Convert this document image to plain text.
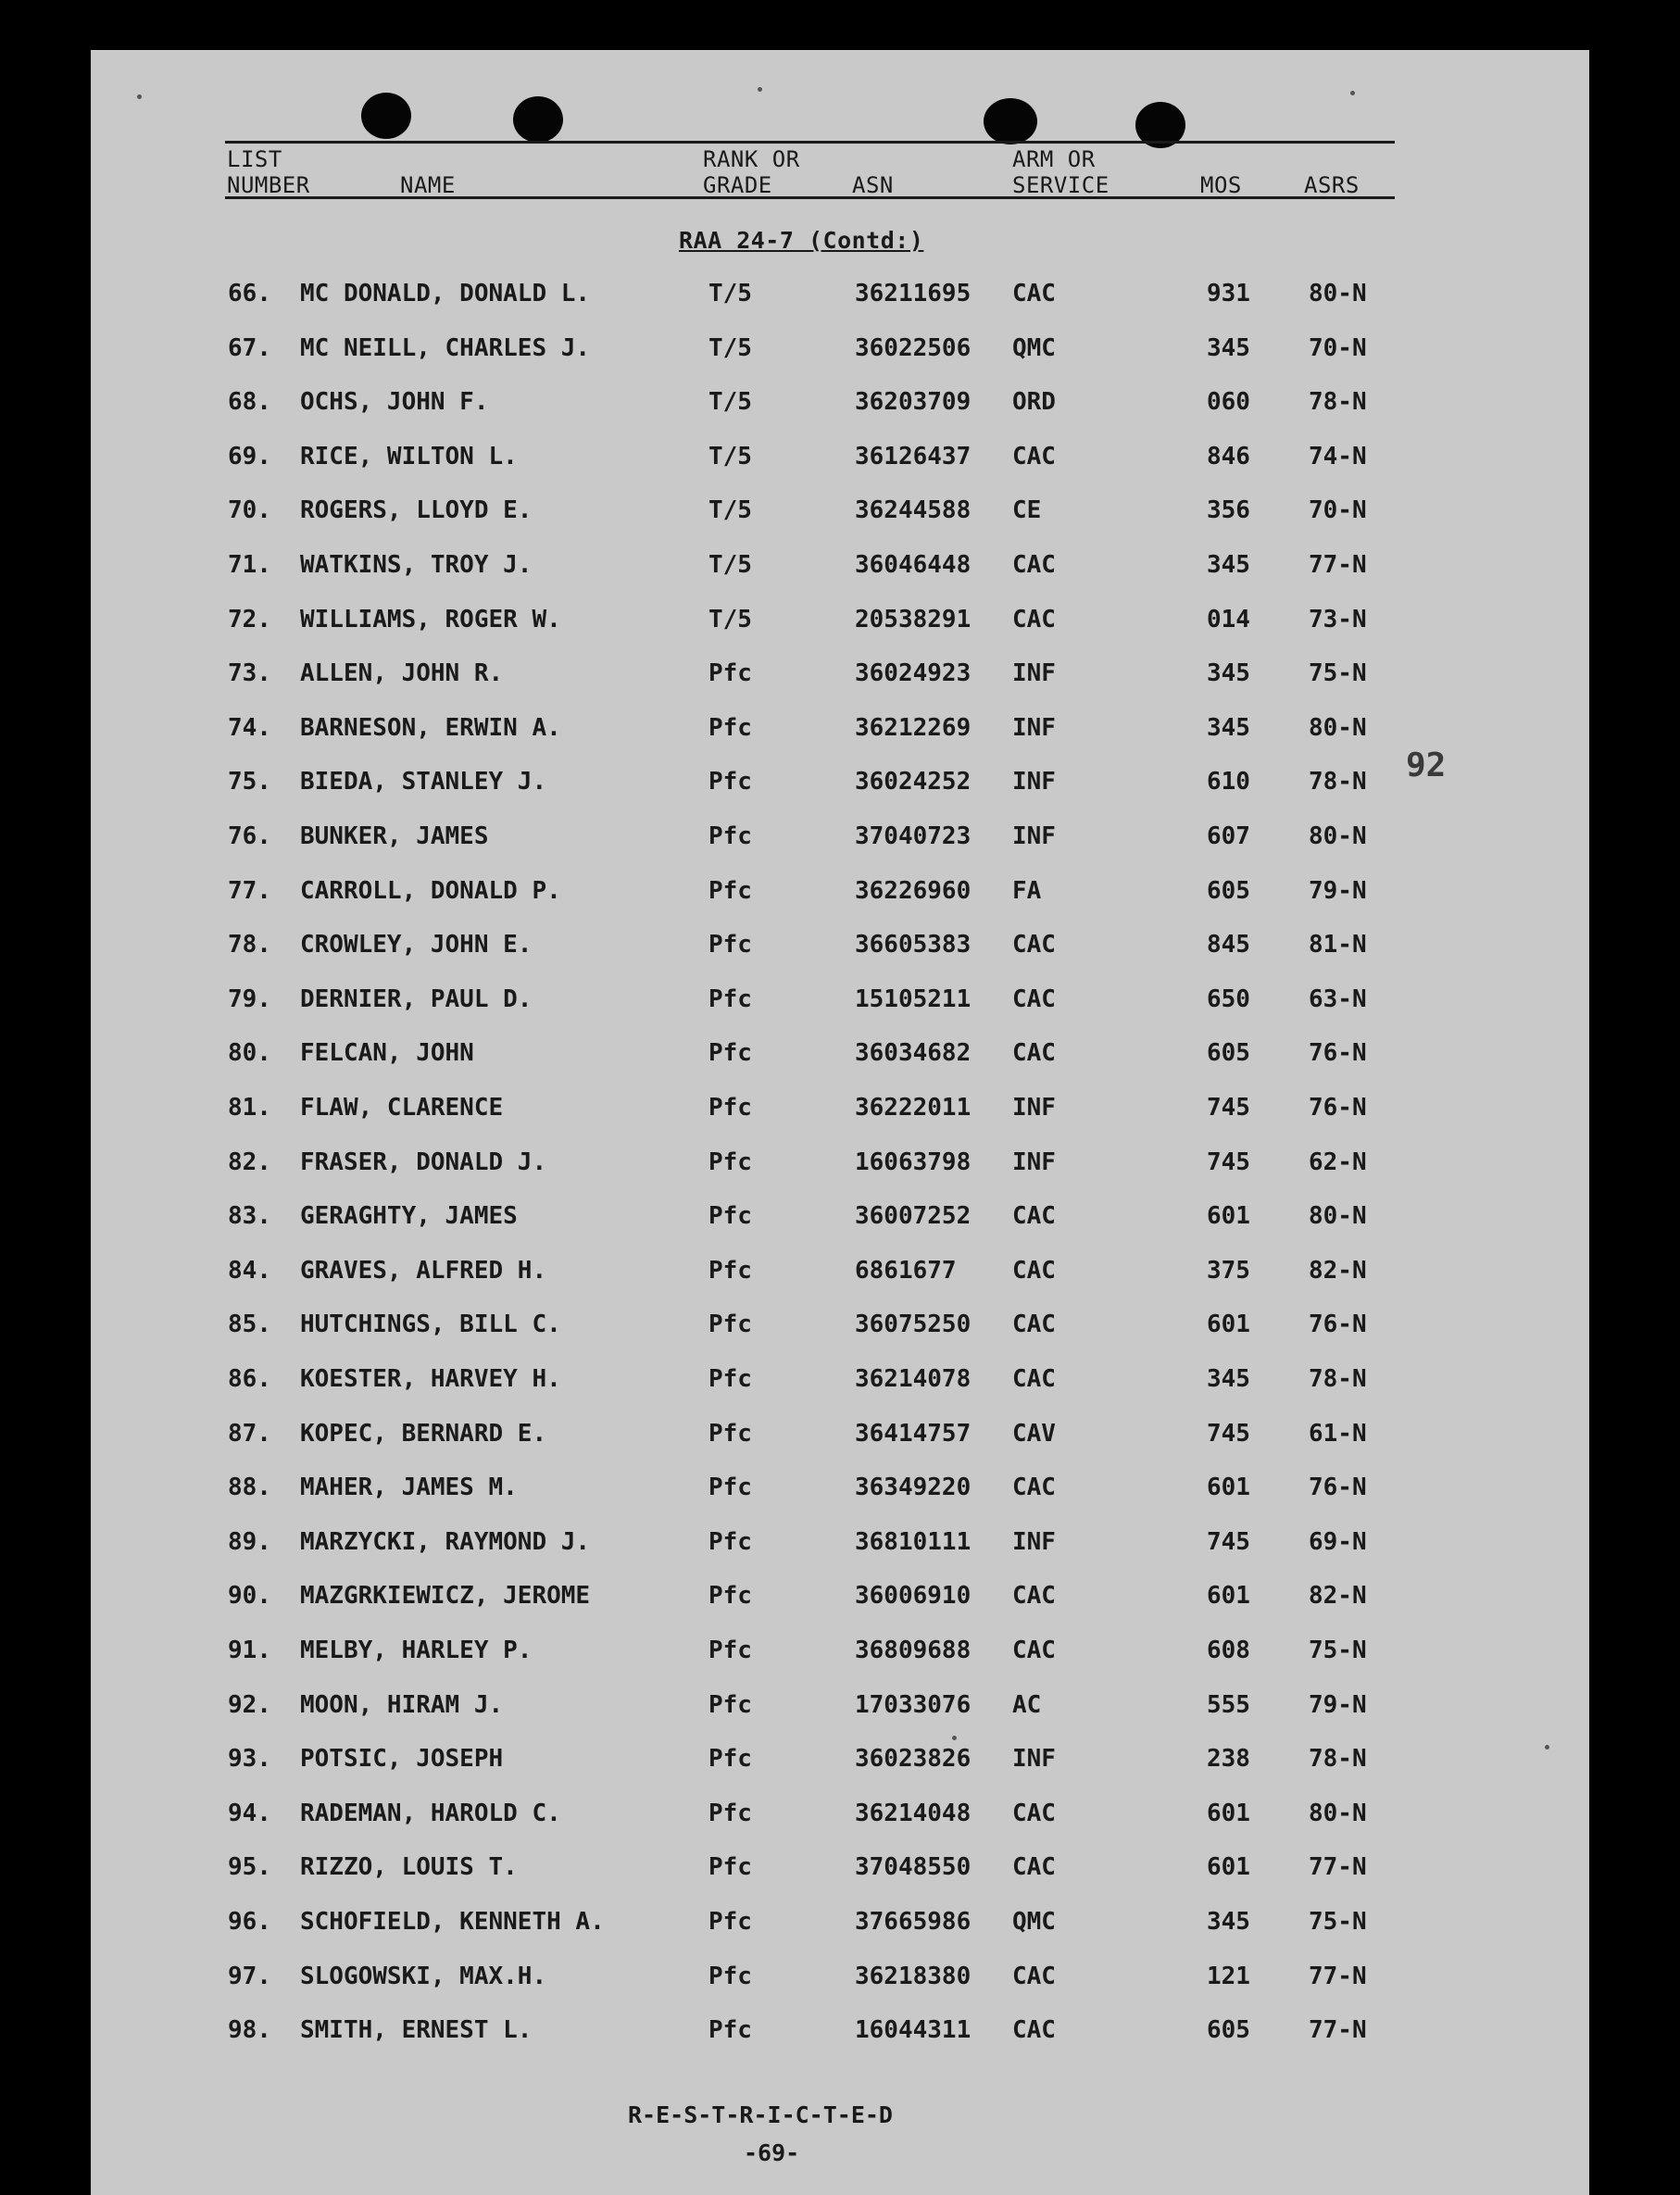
LIST
NUMBER	NAME
RANK OR
GRADE	ASN
ARM OR
SERVICE	MOS	ASRS
RAA 24-7 (Contd:)
66. MC DONALD, DONALD L.	T/5	36211695 CAC	931 80-N
67. MC NEILL, CHARLES J.	T/5	36022506 QMC	345 70-N
68. OCHS, JOHN F.	T/5	36203709 ORD	060 78-N
69. RICE, WILTON L.	T/5	36126437 CAC	846 74-N
70. ROGERS, LLOYD E.	T/5	36244588 CE	356 70-N
71. WATKINS, TROY J.	T/5	36046448 CAC	345 77-N
72. WILLIAMS, ROGER W.	T/5	20538291 CAC	014 73-N
73. ALLEN, JOHN R.	Pfc	36024923 INF	345 75-N
74. BARNESON, ERWIN A.	Pfc	36212269 INF	345 80-N
75. BIEDA, STANLEY J.	Pfc	36024252 INF	610 78-N
76. BUNKER, JAMES	Pfc	37040723 INF	607 80-N
77. CARROLL, DONALD P.	Pfc	36226960 FA	605 79-N
78. CROWLEY, JOHN E.	Pfc	36605383 CAC	845 81-N
79. DERNIER, PAUL D.	Pfc	15105211 CAC	650 63-N
80. FELCAN, JOHN	Pfc	36034682 CAC	605 76-N
81. FLAW, CLARENCE	Pfc	36222011 INF	745 76-N
82. FRASER, DONALD J.	Pfc	16063798 INF	745 62-N
83. GERAGHTY, JAMES	Pfc	36007252 CAC	601 80-N
84. GRAVES, ALFRED H.	Pfc	6861677 CAC	375 82-N
85. HUTCHINGS, BILL C.	Pfc	36075250 CAC	601 76-N
86. KOESTER, HARVEY H.	Pfc	36214078 CAC	345 78-N
87. KOPEC, BERNARD E.	Pfc	36414757 CAV	745 61-N
88. MAHER, JAMES M.	Pfc	36349220 CAC	601 76-N
89. MARZYCKI, RAYMOND J.	Pfc	36810111 INF	745 69-N
90. MAZGRKIEWICZ, JEROME	Pfc	36006910 CAC	601 82-N
91. MELBY, HARLEY P.	Pfc	36809688 CAC	608 75-N
92. MOON, HIRAM J.	Pfc	17033076 AC	555 79-N
93. POTSIC, JOSEPH	Pfc	36023826 INF	238 78-N
94. RADEMAN, HAROLD C.	Pfc	36214048 CAC	601 80-N
95. RIZZO, LOUIS T.	Pfc	37048550 CAC	601 77-N
96. SCHOFIELD, KENNETH A.	Pfc	37665986 QMC	345 75-N
97. SLOGOWSKI, MAX.H.	Pfc	36218380 CAC	121 77-N
98. SMITH, ERNEST L.	Pfc	16044311 CAC	605 77-N
92
R-E-S-T-R-I-C-T-E-D
-69-
